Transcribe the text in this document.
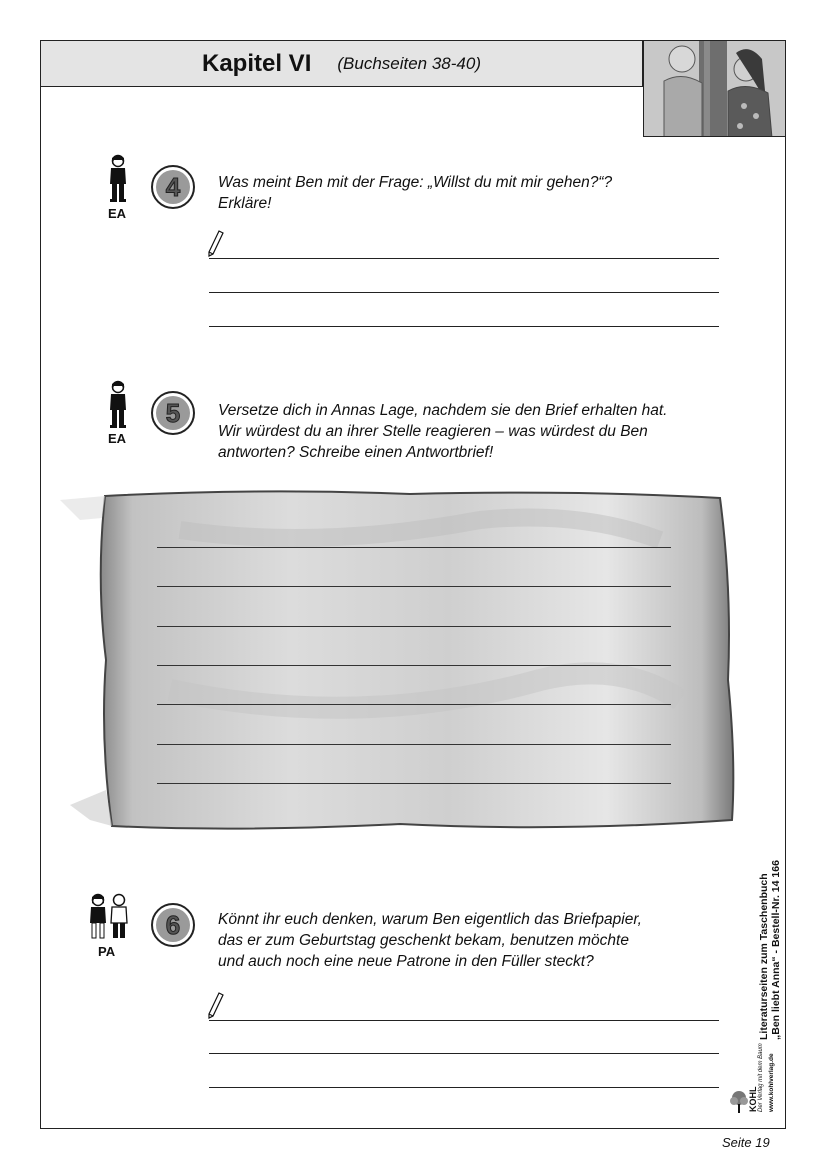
Kapitel VI (Buchseiten 38-40)
EA
4	Was meint Ben mit der Frage: „Willst du mit mir gehen?“?
Erkläre!
EA
5	Versetze dich in Annas Lage, nachdem sie den Brief erhalten hat.
Wir würdest du an ihrer Stelle reagieren – was würdest du Ben
antworten? Schreibe einen Antwortbrief!
PA
6	Könnt ihr euch denken, warum Ben eigentlich das Briefpapier,
das er zum Geburtstag geschenkt bekam, benutzen möchte
und auch noch eine neue Patrone in den Füller steckt?	Literaturseiten zum Taschenbuch „Ben liebt Anna“ - Bestell-Nr. 14 166
KOHL Der Verlag mit dem Baum www.kohlverlag.de
Seite 19
